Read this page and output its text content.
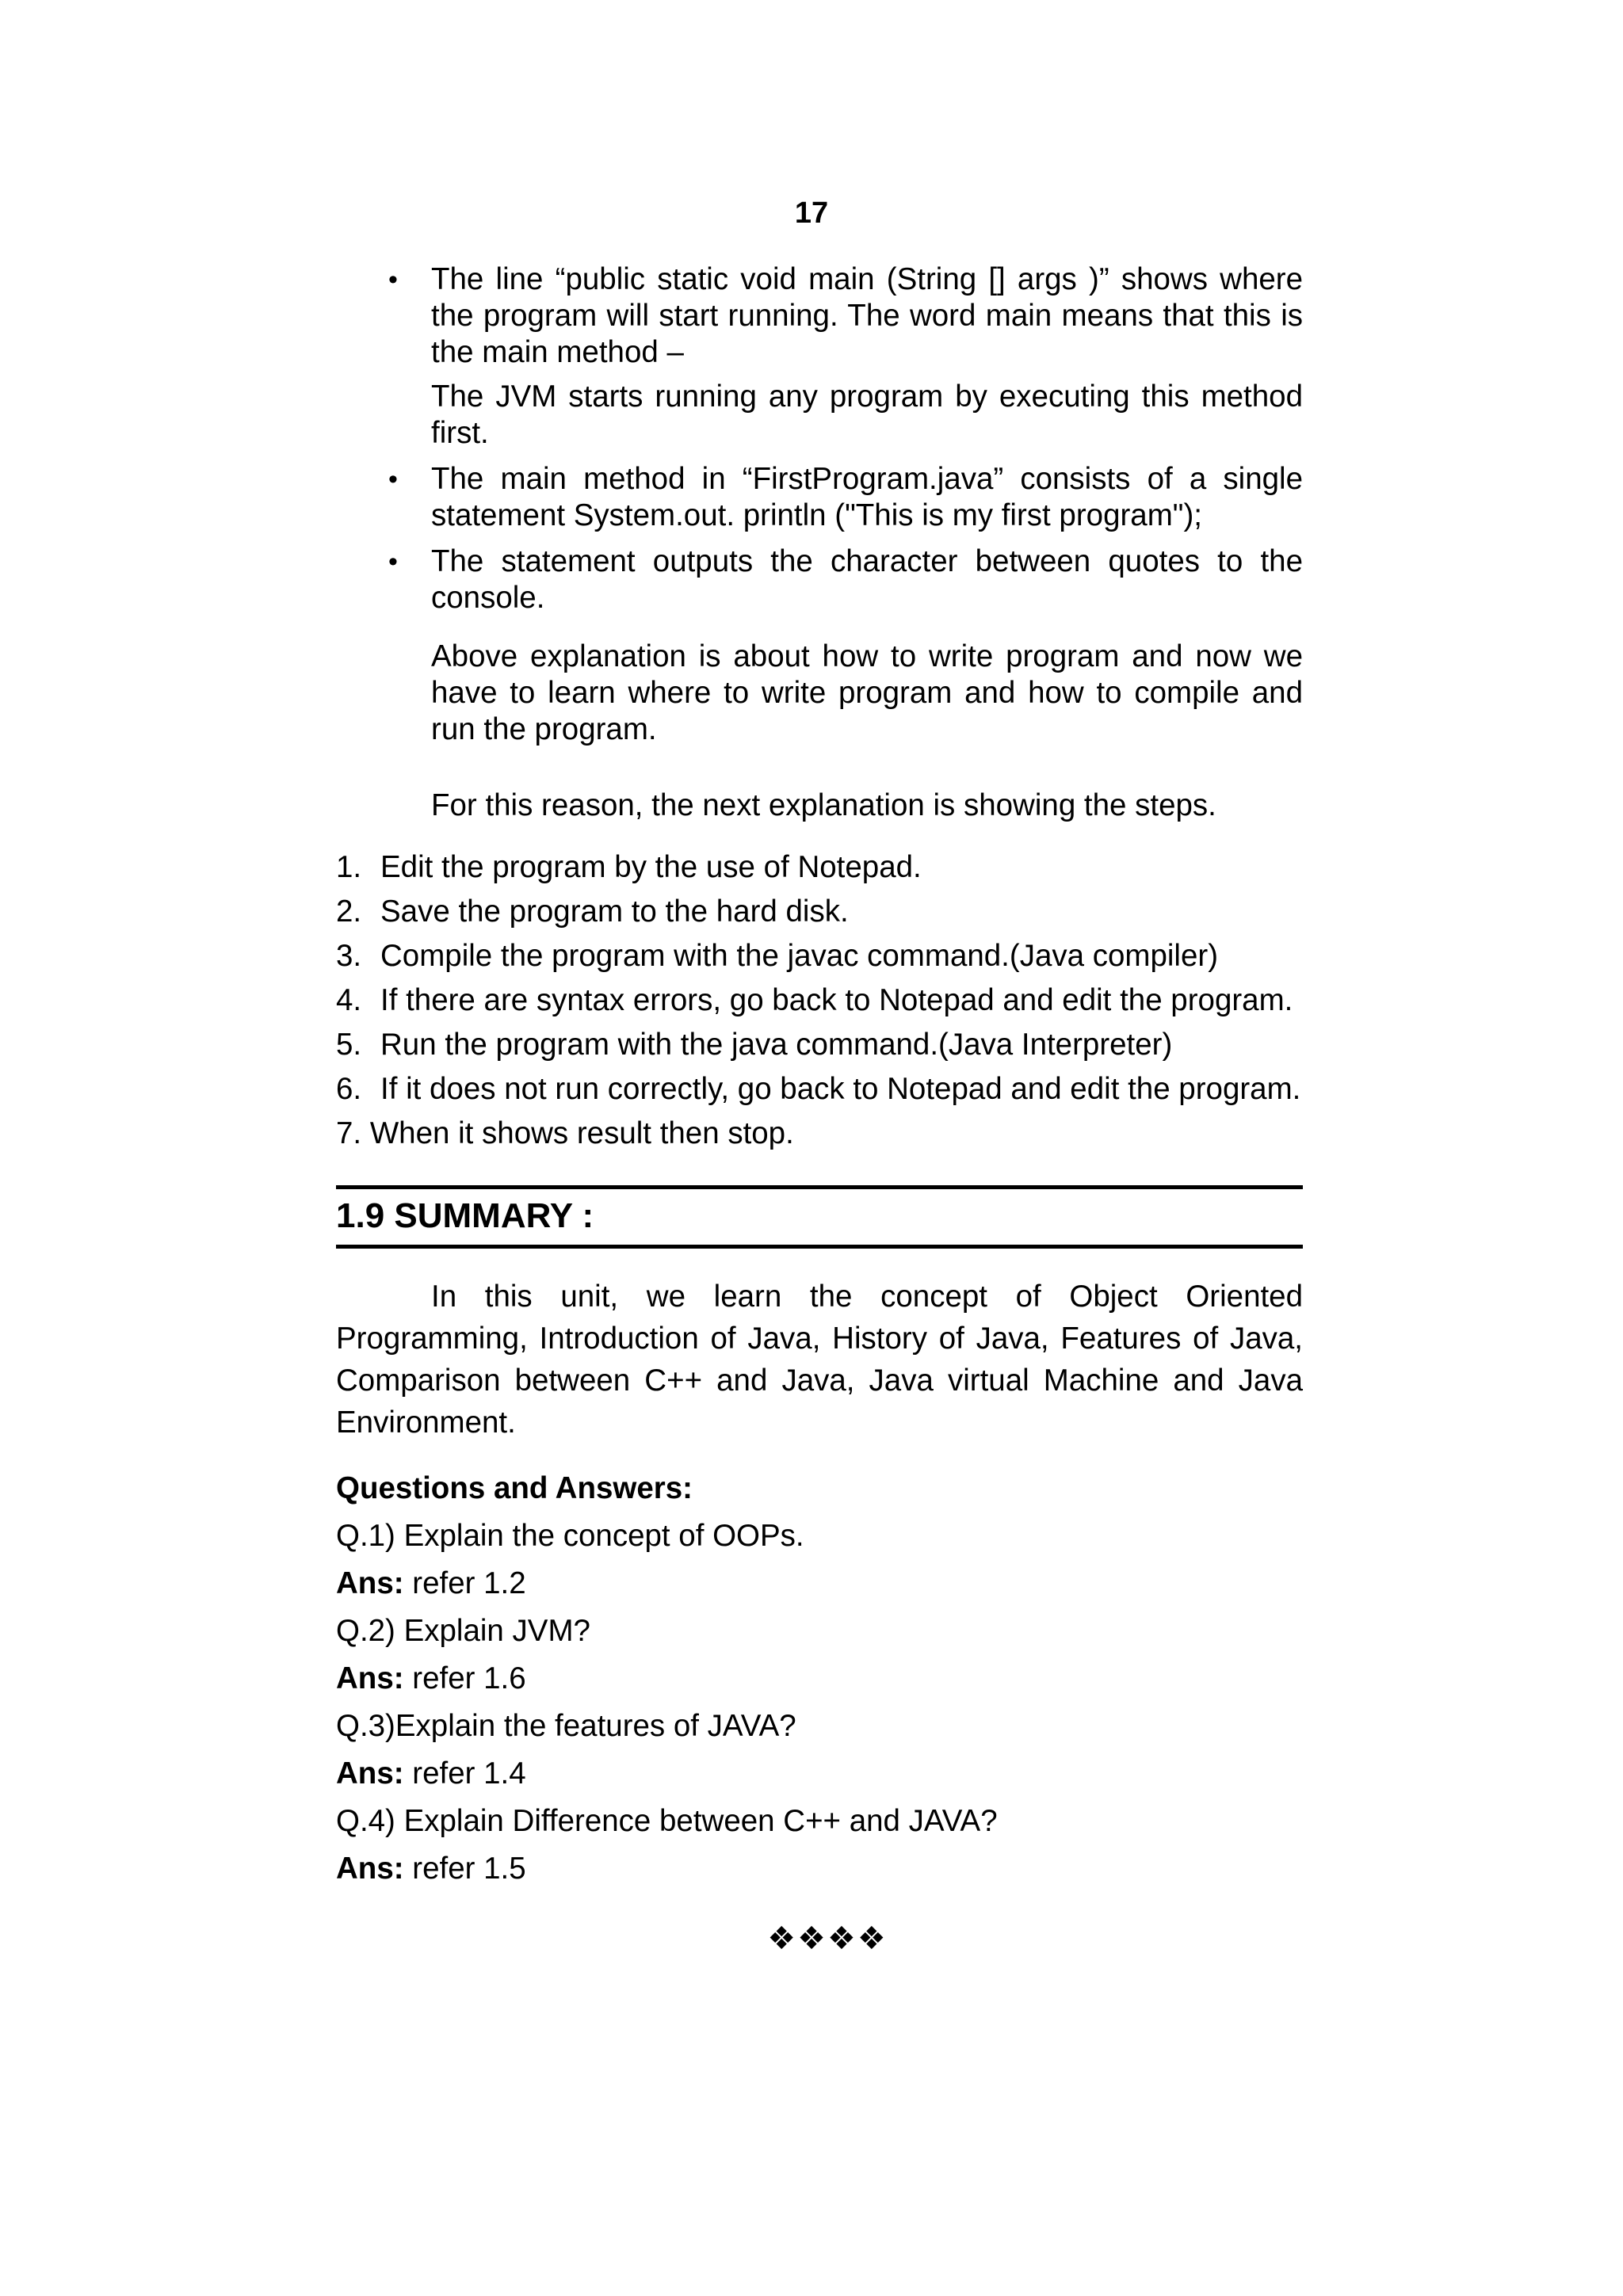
17
• The line “public static void main (String [] args )” shows where the program will start running. The word main means that this is the main method –

The JVM starts running any program by executing this method first.

• The main method in “FirstProgram.java” consists of a single statement System.out. println ("This is my first program");

• The statement outputs the character between quotes to the console.

Above explanation is about how to write program and now we have to learn where to write program and how to compile and run the program.

For this reason, the next explanation is showing the steps.

1. Edit the program by the use of Notepad.
2. Save the program to the hard disk.
3. Compile the program with the javac command.(Java compiler)
4. If there are syntax errors, go back to Notepad and edit the program.
5. Run the program with the java command.(Java Interpreter)
6. If it does not run correctly, go back to Notepad and edit the program.
7. When it shows result then stop.
1.9 SUMMARY :

In this unit, we learn the concept of Object Oriented Programming, Introduction of Java, History of Java, Features of Java, Comparison between C++ and Java, Java virtual Machine and Java Environment.

Questions and Answers:
Q.1) Explain the concept of OOPs.
Ans: refer 1.2
Q.2) Explain JVM?
Ans: refer 1.6
Q.3)Explain the features of JAVA?
Ans: refer 1.4
Q.4) Explain Difference between C++ and JAVA?
Ans: refer 1.5
❖❖❖❖
